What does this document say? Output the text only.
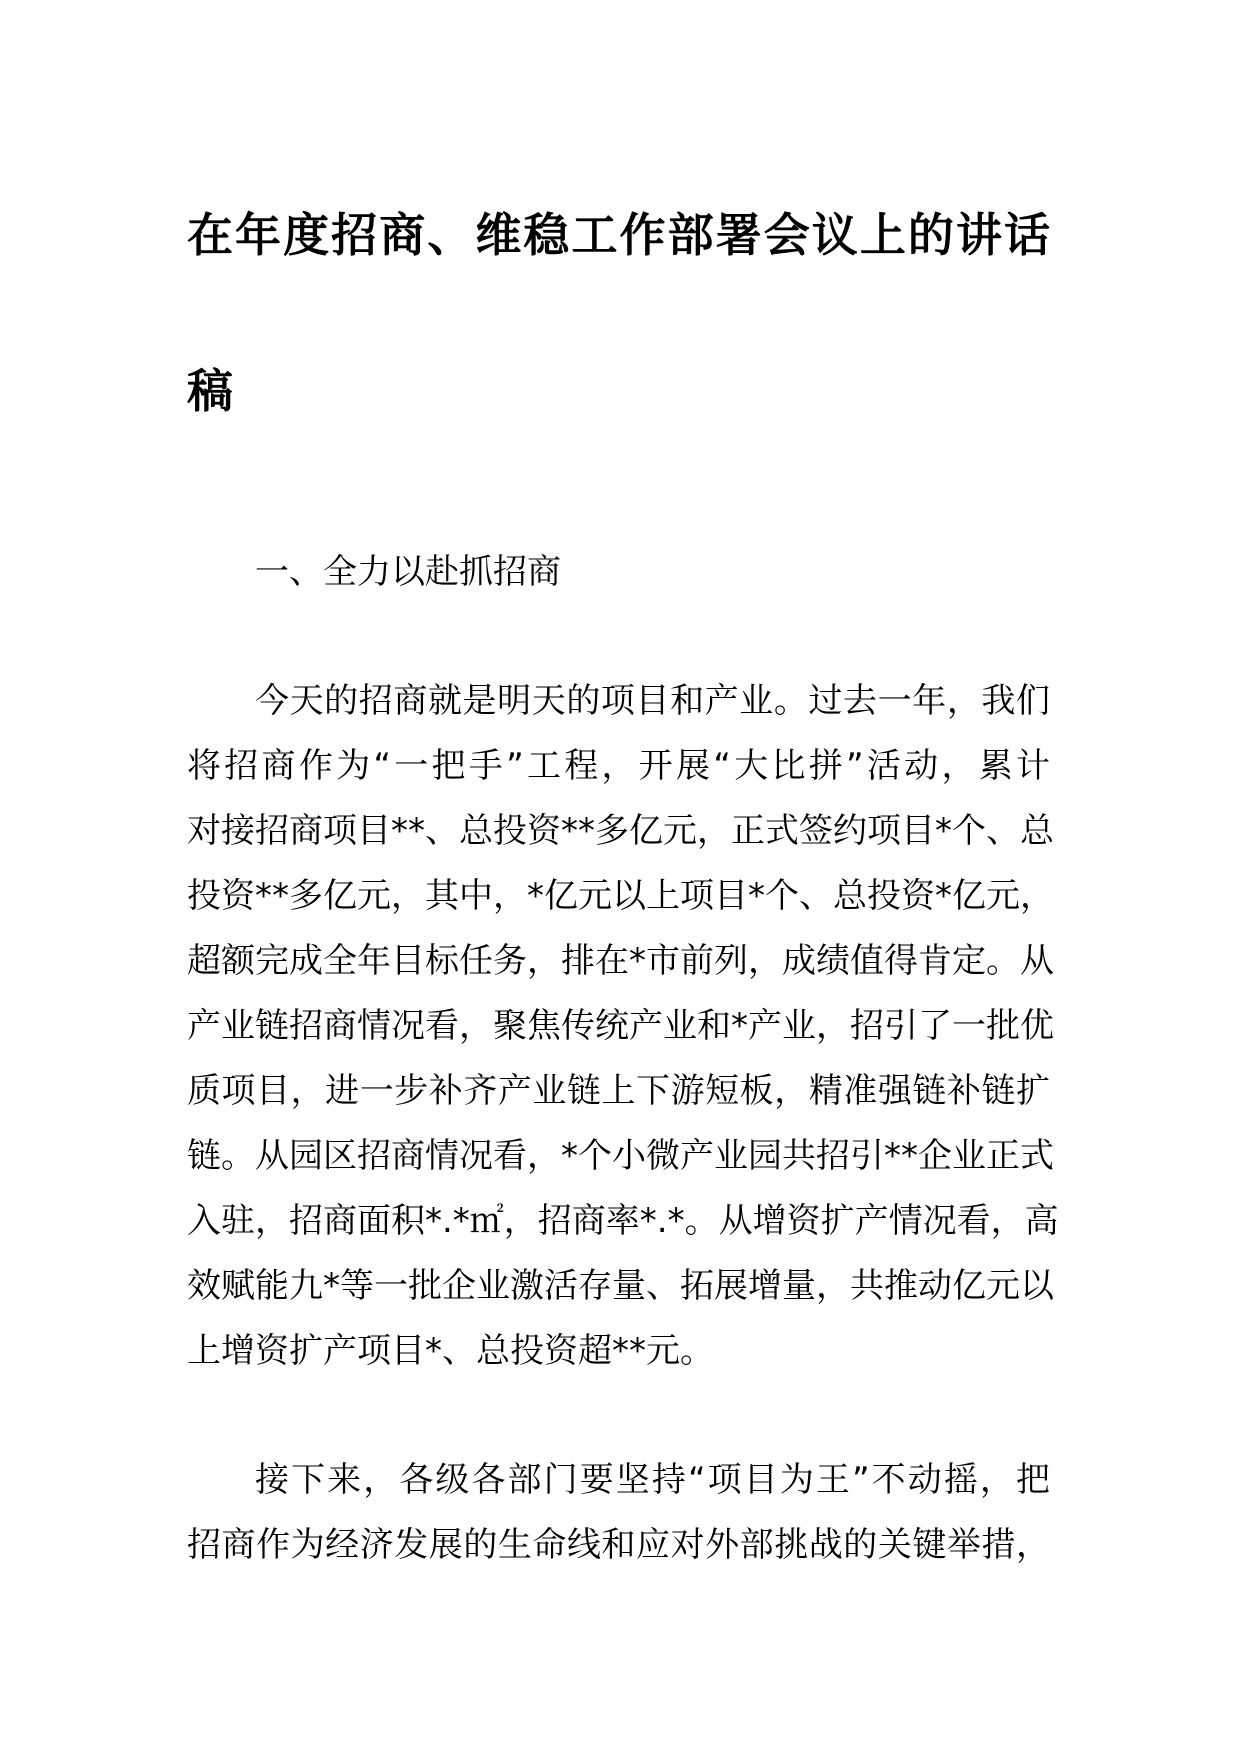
在年度招商、维稳工作部署会议上的讲话
稿
一、全力以赴抓招商
今天的招商就是明天的项目和产业。过去一年，我们
将招商作为“一把手”工程，开展“大比拼”活动，累计
对接招商项目**、总投资**多亿元，正式签约项目*个、总
投资**多亿元，其中，*亿元以上项目*个、总投资*亿元，
超额完成全年目标任务，排在*市前列，成绩值得肯定。从
产业链招商情况看，聚焦传统产业和*产业，招引了一批优
质项目，进一步补齐产业链上下游短板，精准强链补链扩
链。从园区招商情况看，*个小微产业园共招引**企业正式
入驻，招商面积*.*㎡，招商率*.*。从增资扩产情况看，高
效赋能九*等一批企业激活存量、拓展增量，共推动亿元以
上增资扩产项目*、总投资超**元。
接下来，各级各部门要坚持“项目为王”不动摇，把
招商作为经济发展的生命线和应对外部挑战的关键举措，
